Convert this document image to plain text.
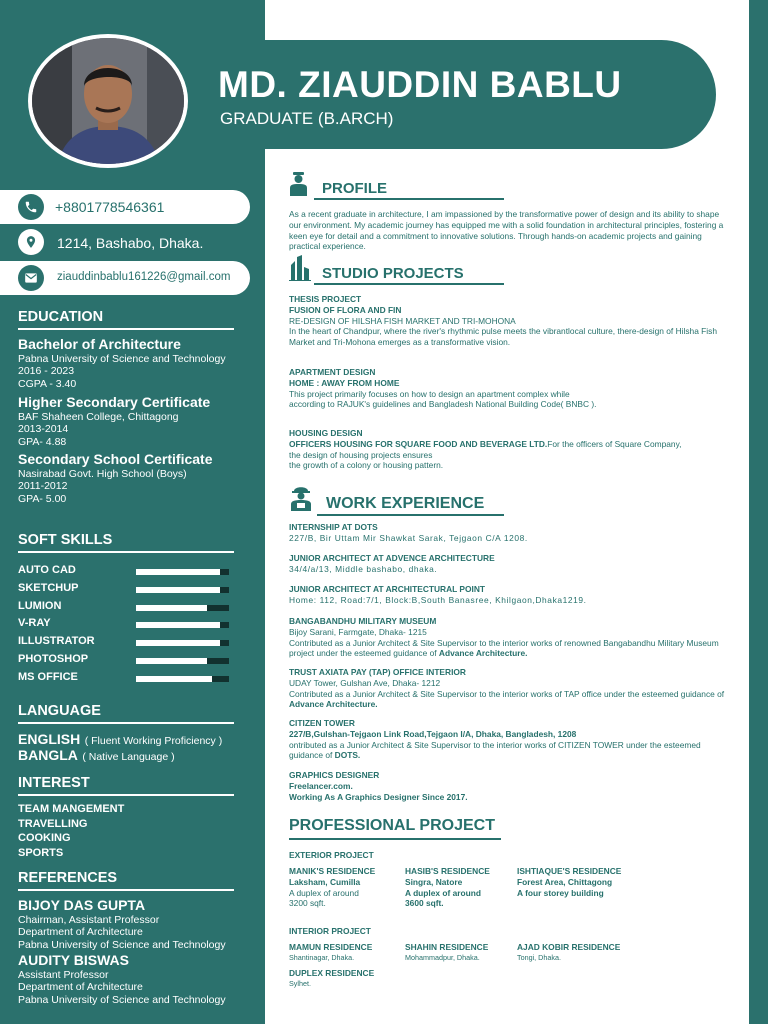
MD. ZIAUDDIN BABLU
GRADUATE (B.ARCH)
+8801778546361
1214, Bashabo, Dhaka.
ziauddinbablu161226@gmail.com
EDUCATION
Bachelor of Architecture
Pabna University of Science and Technology
2016 - 2023
CGPA - 3.40
Higher Secondary Certificate
BAF Shaheen College, Chittagong
2013-2014
GPA- 4.88
Secondary School Certificate
Nasirabad Govt. High School (Boys)
2011-2012
GPA- 5.00
SOFT SKILLS
AUTO CAD
SKETCHUP
LUMION
V-RAY
ILLUSTRATOR
PHOTOSHOP
MS OFFICE
LANGUAGE
ENGLISH ( Fluent Working Proficiency )
BANGLA ( Native Language )
INTEREST
TEAM MANGEMENT
TRAVELLING
COOKING
SPORTS
REFERENCES
BIJOY DAS GUPTA
Chairman, Assistant Professor
Department of Architecture
Pabna University of Science and Technology
AUDITY BISWAS
Assistant Professor
Department of Architecture
Pabna University of Science and Technology
PROFILE
As a recent graduate in architecture, I am impassioned by the transformative power of design and its ability to shape our environment. My academic journey has equipped me with a solid foundation in architectural principles, fostering a keen eye for detail and a commitment to innovative solutions. Through hands-on academic projects and gaining practical experience.
STUDIO PROJECTS
THESIS PROJECT
FUSION OF FLORA AND FIN
RE-DESIGN OF HILSHA FISH MARKET AND TRI-MOHONA
In the heart of Chandpur, where the river's rhythmic pulse meets the vibrantlocal culture, there-design of Hilsha Fish Market and Tri-Mohona emerges as a transformative vision.
APARTMENT DESIGN
HOME : AWAY FROM HOME
This project primarily focuses on how to design an apartment complex while
according to RAJUK's guidelines and Bangladesh National Building Code( BNBC ).
HOUSING DESIGN
OFFICERS HOUSING FOR SQUARE FOOD AND BEVERAGE LTD.For the officers of Square Company,
the design of housing projects ensures
the growth of a colony or housing pattern.
WORK EXPERIENCE
INTERNSHIP AT DOTS
227/B, Bir Uttam Mir Shawkat Sarak, Tejgaon C/A 1208.
JUNIOR ARCHITECT AT ADVENCE ARCHITECTURE
34/4/a/13, Middle bashabo, dhaka.
JUNIOR ARCHITECT AT ARCHITECTURAL POINT
Home: 112, Road:7/1, Block:B,South Banasree, Khilgaon,Dhaka1219.
BANGABANDHU MILITARY MUSEUM
Bijoy Sarani, Farmgate, Dhaka- 1215
Contributed as a Junior Architect & Site Supervisor to the interior works of renowned Bangabandhu Military Museum project under the esteemed guidance of Advance Architecture.
TRUST AXIATA PAY (TAP) OFFICE INTERIOR
UDAY Tower, Gulshan Ave, Dhaka- 1212
Contributed as a Junior Architect & Site Supervisor to the interior works of TAP office under the esteemed guidance of Advance Architecture.
CITIZEN TOWER
227/B,Gulshan-Tejgaon Link Road,Tejgaon I/A, Dhaka, Bangladesh, 1208
ontributed as a Junior Architect & Site Supervisor to the interior works of CITIZEN TOWER under the esteemed guidance of DOTS.
GRAPHICS DESIGNER
Freelancer.com.
Working As A Graphics Designer Since 2017.
PROFESSIONAL PROJECT
EXTERIOR PROJECT
MANIK'S RESIDENCE
Laksham, Cumilla
A duplex of around
3200 sqft.
HASIB'S RESIDENCE
Singra, Natore
A duplex of around
3600 sqft.
ISHTIAQUE'S RESIDENCE
Forest Area, Chittagong
A four storey building
INTERIOR PROJECT
MAMUN RESIDENCE
Shantinagar, Dhaka.
SHAHIN RESIDENCE
Mohammadpur, Dhaka.
AJAD KOBIR RESIDENCE
Tongi, Dhaka.
DUPLEX RESIDENCE
Sylhet.
